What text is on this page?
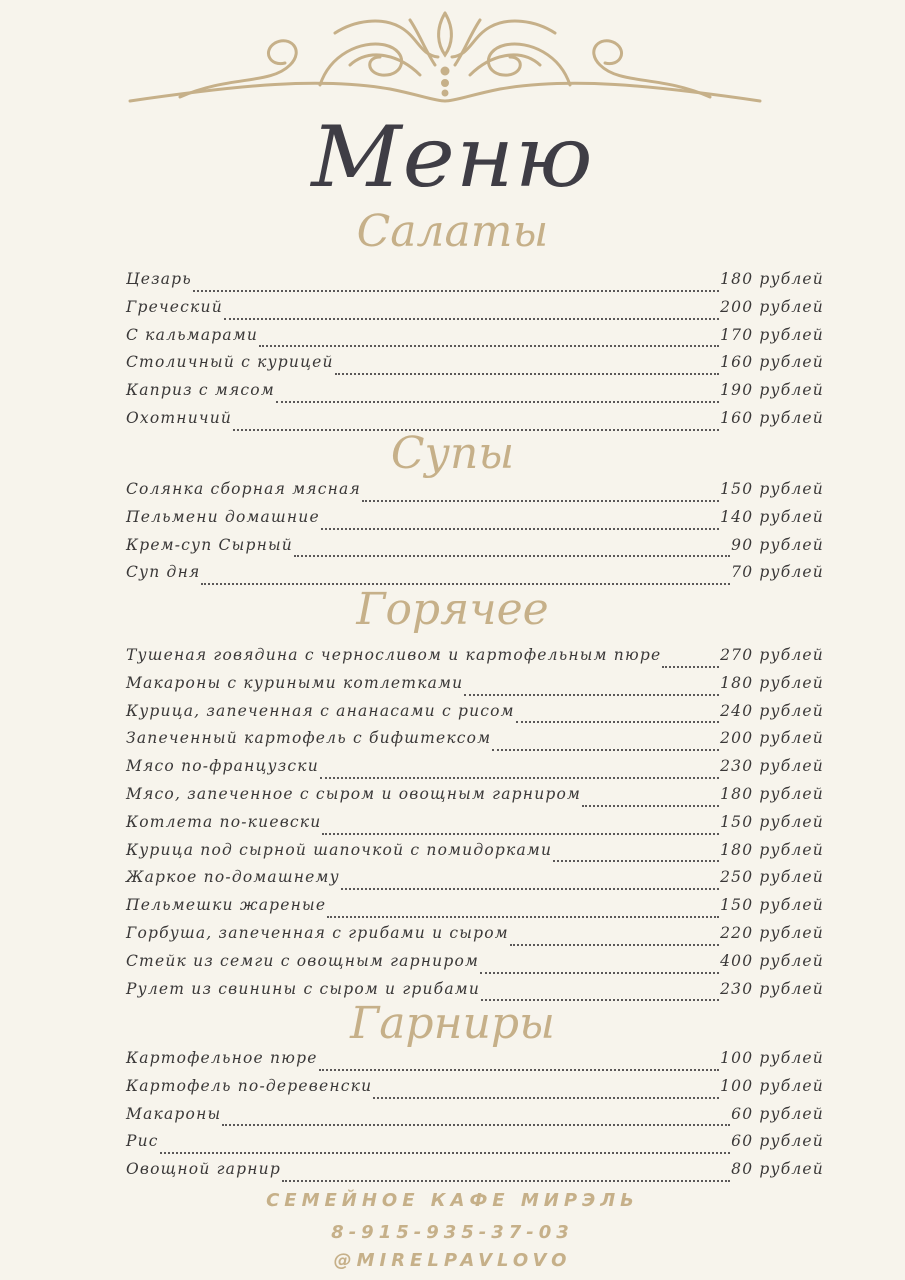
Меню
Салаты
Цезарь	180 рублей
Греческий	200 рублей
С кальмарами	170 рублей
Столичный с курицей	160 рублей
Каприз с мясом	190 рублей
Охотничий	160 рублей
Супы
Солянка сборная мясная	150 рублей
Пельмени домашние	140 рублей
Крем-суп Сырный	90 рублей
Суп дня	70 рублей
Горячее
Тушеная говядина с черносливом и картофельным пюре	270 рублей
Макароны с куриными котлетками	180 рублей
Курица, запеченная с ананасами с рисом	240 рублей
Запеченный картофель с бифштексом	200 рублей
Мясо по-французски	230 рублей
Мясо, запеченное с сыром и овощным гарниром	180 рублей
Котлета по-киевски	150 рублей
Курица под сырной шапочкой с помидорками	180 рублей
Жаркое по-домашнему	250 рублей
Пельмешки жареные	150 рублей
Горбуша, запеченная с грибами и сыром	220 рублей
Стейк из семги с овощным гарниром	400 рублей
Рулет из свинины с сыром и грибами	230 рублей
Гарниры
Картофельное пюре	100 рублей
Картофель по-деревенски	100 рублей
Макароны	60 рублей
Рис	60 рублей
Овощной гарнир	80 рублей
СЕМЕЙНОЕ КАФЕ МИРЭЛЬ
8-915-935-37-03
@MIRELPAVLOVO
